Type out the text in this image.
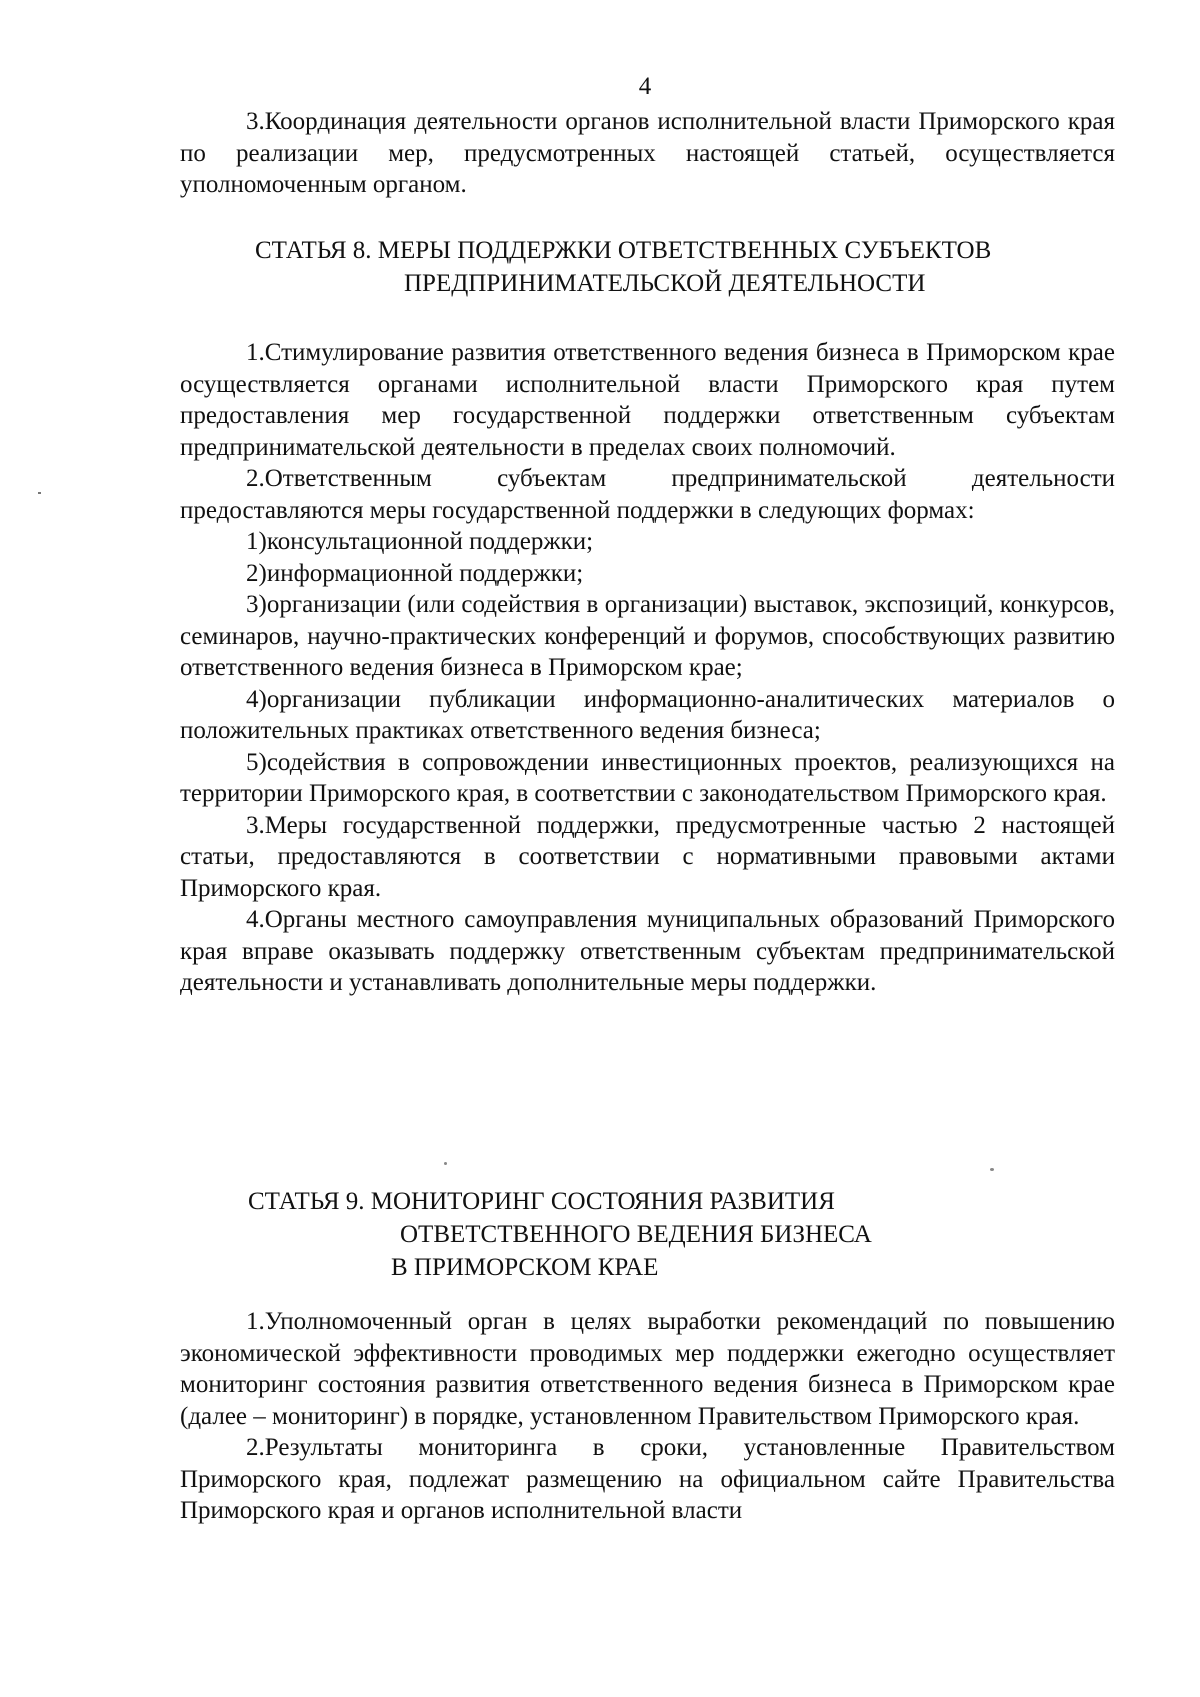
4

3.Координация деятельности органов исполнительной власти Приморского края по реализации мер, предусмотренных настоящей статьей, осуществляется уполномоченным органом.

СТАТЬЯ 8. МЕРЫ ПОДДЕРЖКИ ОТВЕТСТВЕННЫХ СУБЪЕКТОВ
ПРЕДПРИНИМАТЕЛЬСКОЙ ДЕЯТЕЛЬНОСТИ

1.Стимулирование развития ответственного ведения бизнеса в Приморском крае осуществляется органами исполнительной власти Приморского края путем предоставления мер государственной поддержки ответственным субъектам предпринимательской деятельности в пределах своих полномочий.

2.Ответственным субъектам предпринимательской деятельности предоставляются меры государственной поддержки в следующих формах:

1)консультационной поддержки;

2)информационной поддержки;

3)организации (или содействия в организации) выставок, экспозиций, конкурсов, семинаров, научно-практических конференций и форумов, способствующих развитию ответственного ведения бизнеса в Приморском крае;

4)организации публикации информационно-аналитических материалов о положительных практиках ответственного ведения бизнеса;

5)содействия в сопровождении инвестиционных проектов, реализующихся на территории Приморского края, в соответствии с законодательством Приморского края.

3.Меры государственной поддержки, предусмотренные частью 2 настоящей статьи, предоставляются в соответствии с нормативными правовыми актами Приморского края.

4.Органы местного самоуправления муниципальных образований Приморского края вправе оказывать поддержку ответственным субъектам предпринимательской деятельности и устанавливать дополнительные меры поддержки.

СТАТЬЯ 9. МОНИТОРИНГ СОСТОЯНИЯ РАЗВИТИЯ
ОТВЕТСТВЕННОГО ВЕДЕНИЯ БИЗНЕСА
В ПРИМОРСКОМ КРАЕ

1.Уполномоченный орган в целях выработки рекомендаций по повышению экономической эффективности проводимых мер поддержки ежегодно осуществляет мониторинг состояния развития ответственного ведения бизнеса в Приморском крае (далее – мониторинг) в порядке, установленном Правительством Приморского края.

2.Результаты мониторинга в сроки, установленные Правительством Приморского края, подлежат размещению на официальном сайте Правительства Приморского края и органов исполнительной власти
